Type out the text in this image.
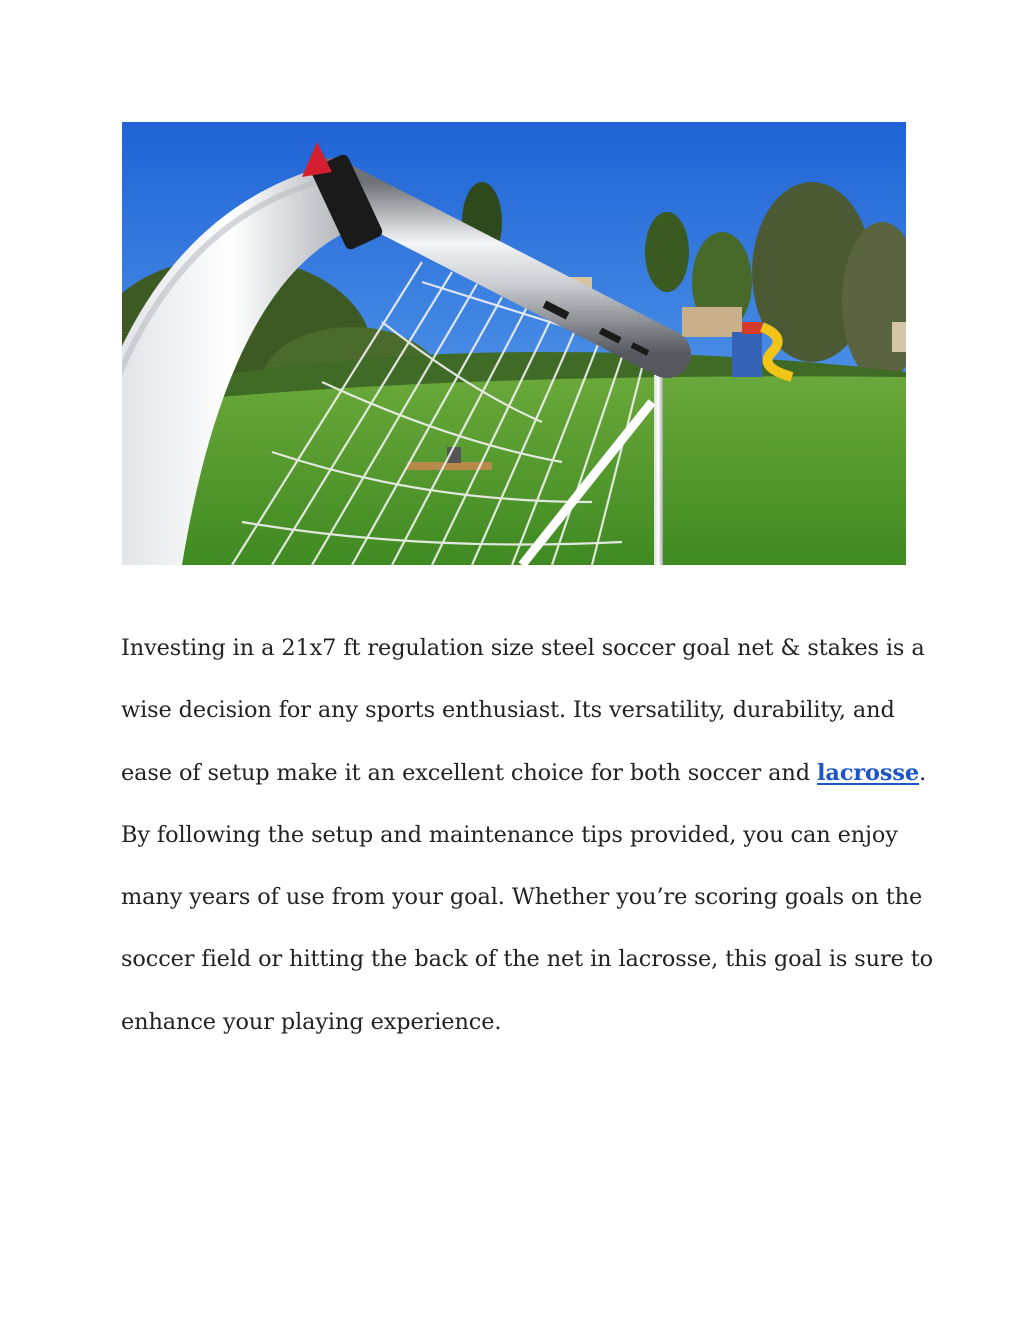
Investing in a 21x7 ft regulation size steel soccer goal net & stakes is a
wise decision for any sports enthusiast. Its versatility, durability, and
ease of setup make it an excellent choice for both soccer and lacrosse.
By following the setup and maintenance tips provided, you can enjoy
many years of use from your goal. Whether you’re scoring goals on the
soccer field or hitting the back of the net in lacrosse, this goal is sure to
enhance your playing experience.
